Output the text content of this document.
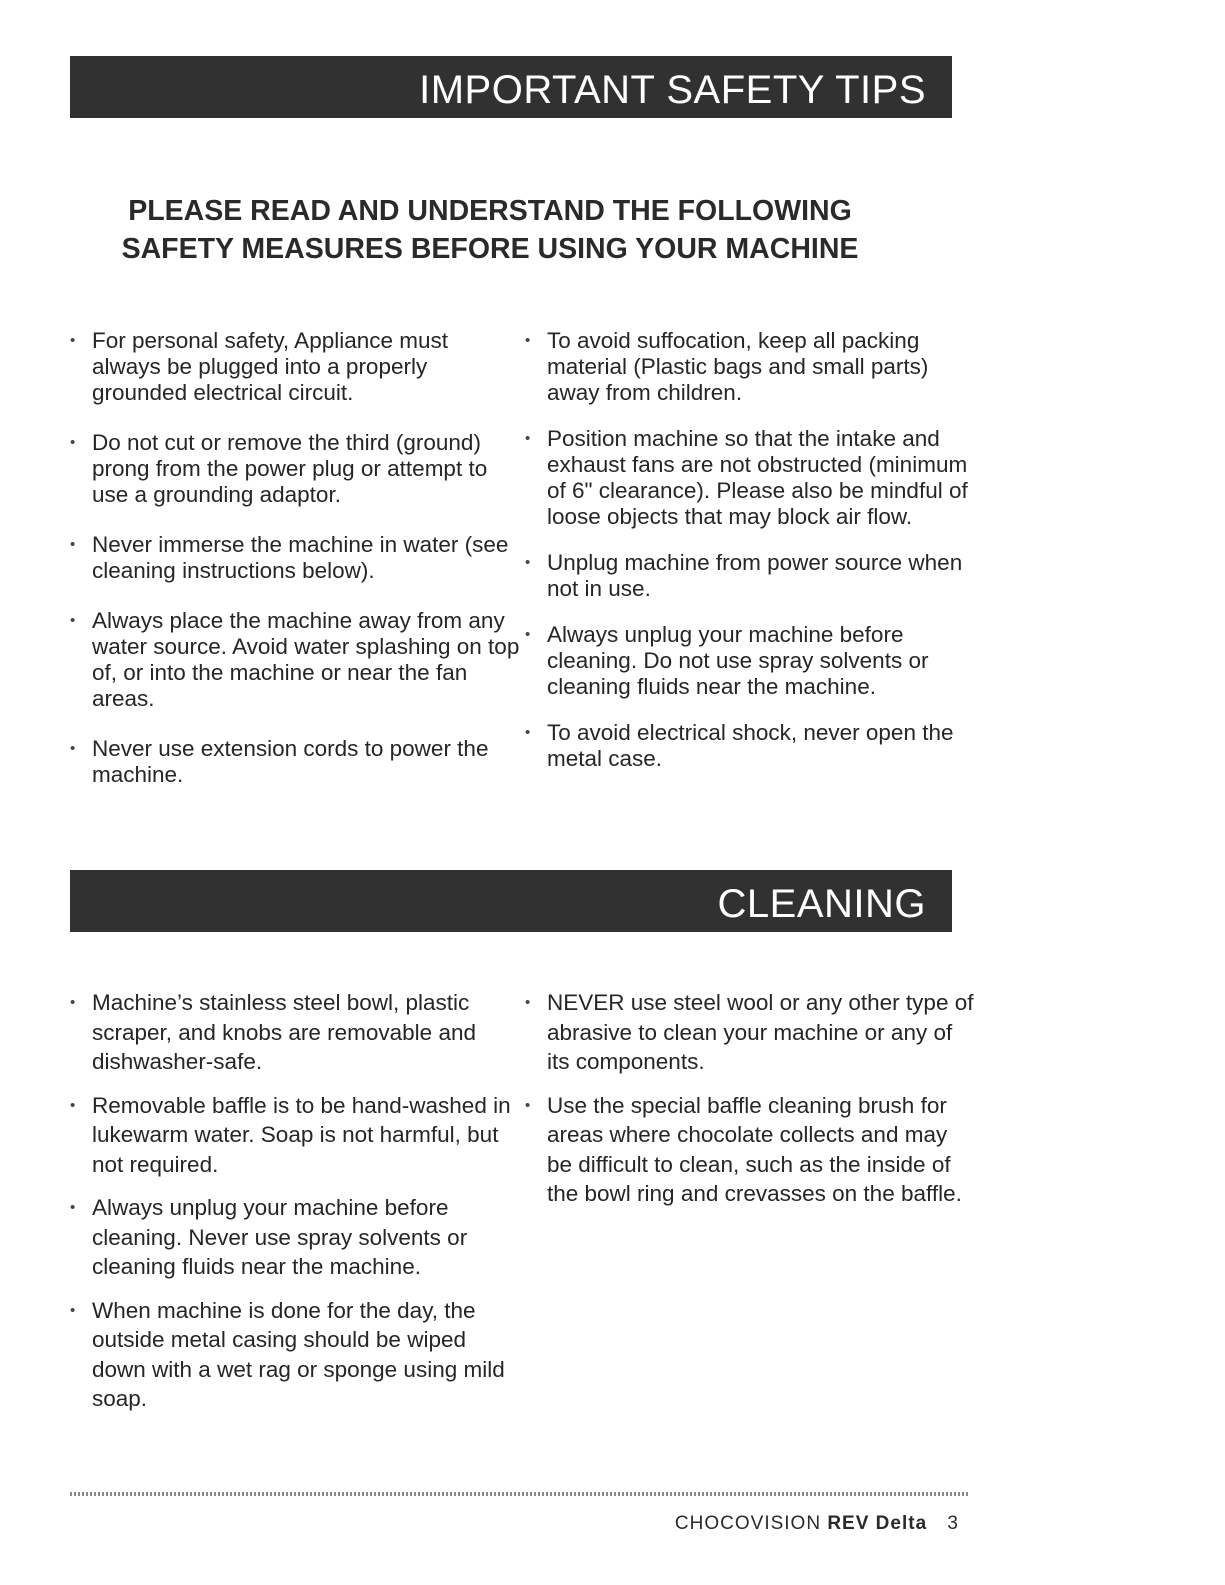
IMPORTANT SAFETY TIPS
PLEASE READ AND UNDERSTAND THE FOLLOWING
SAFETY MEASURES BEFORE USING YOUR MACHINE
• For personal safety, Appliance must always be plugged into a properly grounded electrical circuit.
• Do not cut or remove the third (ground) prong from the power plug or attempt to use a grounding adaptor.
• Never immerse the machine in water (see cleaning instructions below).
• Always place the machine away from any water source. Avoid water splashing on top of, or into the machine or near the fan areas.
• Never use extension cords to power the machine.
• To avoid suffocation, keep all packing material (Plastic bags and small parts) away from children.
• Position machine so that the intake and exhaust fans are not obstructed (minimum of 6" clearance). Please also be mindful of loose objects that may block air flow.
• Unplug machine from power source when not in use.
• Always unplug your machine before cleaning. Do not use spray solvents or cleaning fluids near the machine.
• To avoid electrical shock, never open the metal case.
CLEANING
• Machine’s stainless steel bowl, plastic scraper, and knobs are removable and dishwasher-safe.
• Removable baffle is to be hand-washed in lukewarm water. Soap is not harmful, but not required.
• Always unplug your machine before cleaning. Never use spray solvents or cleaning fluids near the machine.
• When machine is done for the day, the outside metal casing should be wiped down with a wet rag or sponge using mild soap.
• NEVER use steel wool or any other type of abrasive to clean your machine or any of its components.
• Use the special baffle cleaning brush for areas where chocolate collects and may be difficult to clean, such as the inside of the bowl ring and crevasses on the baffle.
CHOCOVISION REV Delta 3
